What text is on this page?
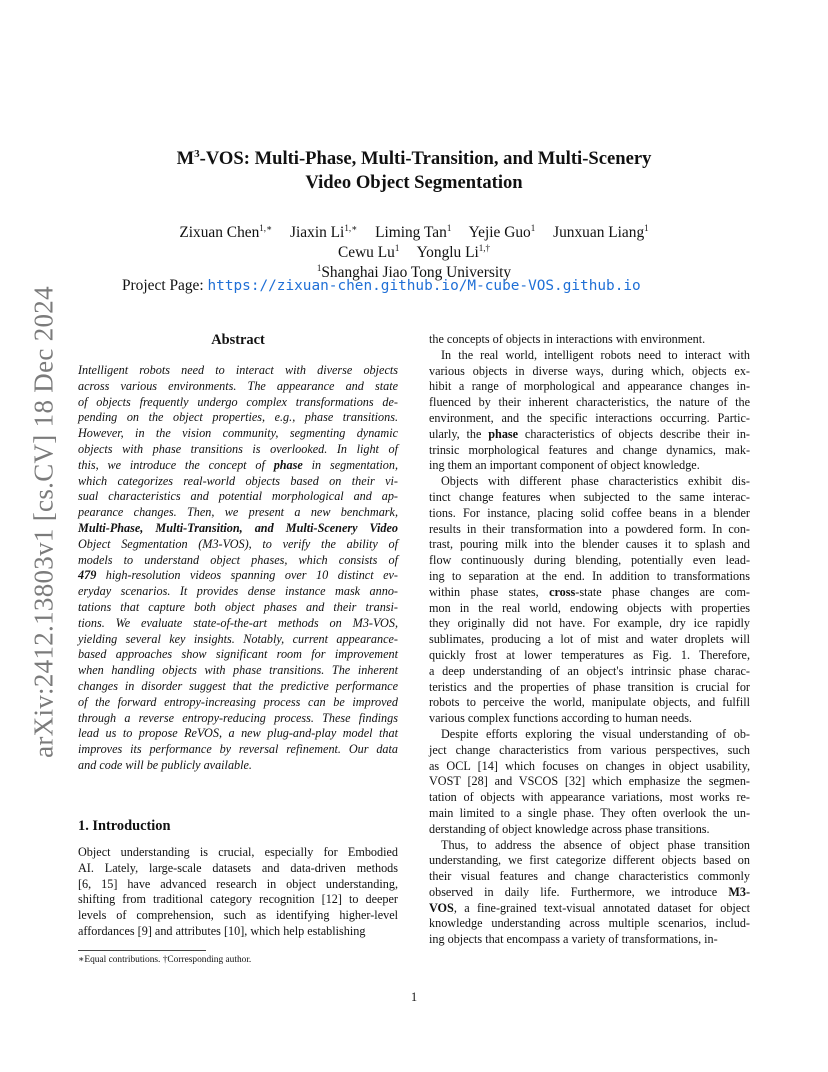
arXiv:2412.13803v1 [cs.CV] 18 Dec 2024
$M^3$-VOS: Multi-Phase, Multi-Transition, and Multi-Scenery
Video Object Segmentation
Zixuan Chen$^{1,∗}$ Jiaxin $Li^{1,∗}$ Liming Tan$^1$ Yejie Guo$^1$ Junxuan Liang$^1$
Cewu Lu$^1$ Yonglu $Li^{1,\dagger}$
$^1$Shanghai Jiao Tong University
Project Page: https://zixuan-chen.github.io/M-cube-VOS.github.io
Abstract
Intelligent robots need to interact with diverse objects
across various environments. The appearance and state
of objects frequently undergo complex transformations de-
pending on the object properties, e.g., phase transitions.
However, in the vision community, segmenting dynamic
objects with phase transitions is overlooked. In light of
this, we introduce the concept of phase in segmentation,
which categorizes real-world objects based on their vi-
sual characteristics and potential morphological and ap-
pearance changes. Then, we present a new benchmark,
Multi-Phase, Multi-Transition, and Multi-Scenery Video
Object Segmentation (M3-VOS), to verify the ability of
models to understand object phases, which consists of
479 high-resolution videos spanning over 10 distinct ev-
eryday scenarios. It provides dense instance mask anno-
tations that capture both object phases and their transi-
tions. We evaluate state-of-the-art methods on M3-VOS,
yielding several key insights. Notably, current appearance-
based approaches show significant room for improvement
when handling objects with phase transitions. The inherent
changes in disorder suggest that the predictive performance
of the forward entropy-increasing process can be improved
through a reverse entropy-reducing process. These findings
lead us to propose ReVOS, a new plug-and-play model that
improves its performance by reversal refinement. Our data
and code will be publicly available.
1. Introduction
Object understanding is crucial, especially for Embodied
AI. Lately, large-scale datasets and data-driven methods
[6, 15] have advanced research in object understanding,
shifting from traditional category recognition [12] to deeper
levels of comprehension, such as identifying higher-level
affordances [9] and attributes [10], which help establishing
∗Equal contributions. †Corresponding author.
the concepts of objects in interactions with environment.
In the real world, intelligent robots need to interact with
various objects in diverse ways, during which, objects ex-
hibit a range of morphological and appearance changes in-
fluenced by their inherent characteristics, the nature of the
environment, and the specific interactions occurring. Partic-
ularly, the phase characteristics of objects describe their in-
trinsic morphological features and change dynamics, mak-
ing them an important component of object knowledge.
Objects with different phase characteristics exhibit dis-
tinct change features when subjected to the same interac-
tions. For instance, placing solid coffee beans in a blender
results in their transformation into a powdered form. In con-
trast, pouring milk into the blender causes it to splash and
flow continuously during blending, potentially even lead-
ing to separation at the end. In addition to transformations
within phase states, cross-state phase changes are com-
mon in the real world, endowing objects with properties
they originally did not have. For example, dry ice rapidly
sublimates, producing a lot of mist and water droplets will
quickly frost at lower temperatures as Fig. 1. Therefore,
a deep understanding of an object's intrinsic phase charac-
teristics and the properties of phase transition is crucial for
robots to perceive the world, manipulate objects, and fulfill
various complex functions according to human needs.
Despite efforts exploring the visual understanding of ob-
ject change characteristics from various perspectives, such
as OCL [14] which focuses on changes in object usability,
VOST [28] and VSCOS [32] which emphasize the segmen-
tation of objects with appearance variations, most works re-
main limited to a single phase. They often overlook the un-
derstanding of object knowledge across phase transitions.
Thus, to address the absence of object phase transition
understanding, we first categorize different objects based on
their visual features and change characteristics commonly
observed in daily life. Furthermore, we introduce M3-
VOS, a fine-grained text-visual annotated dataset for object
knowledge understanding across multiple scenarios, includ-
ing objects that encompass a variety of transformations, in-
1
